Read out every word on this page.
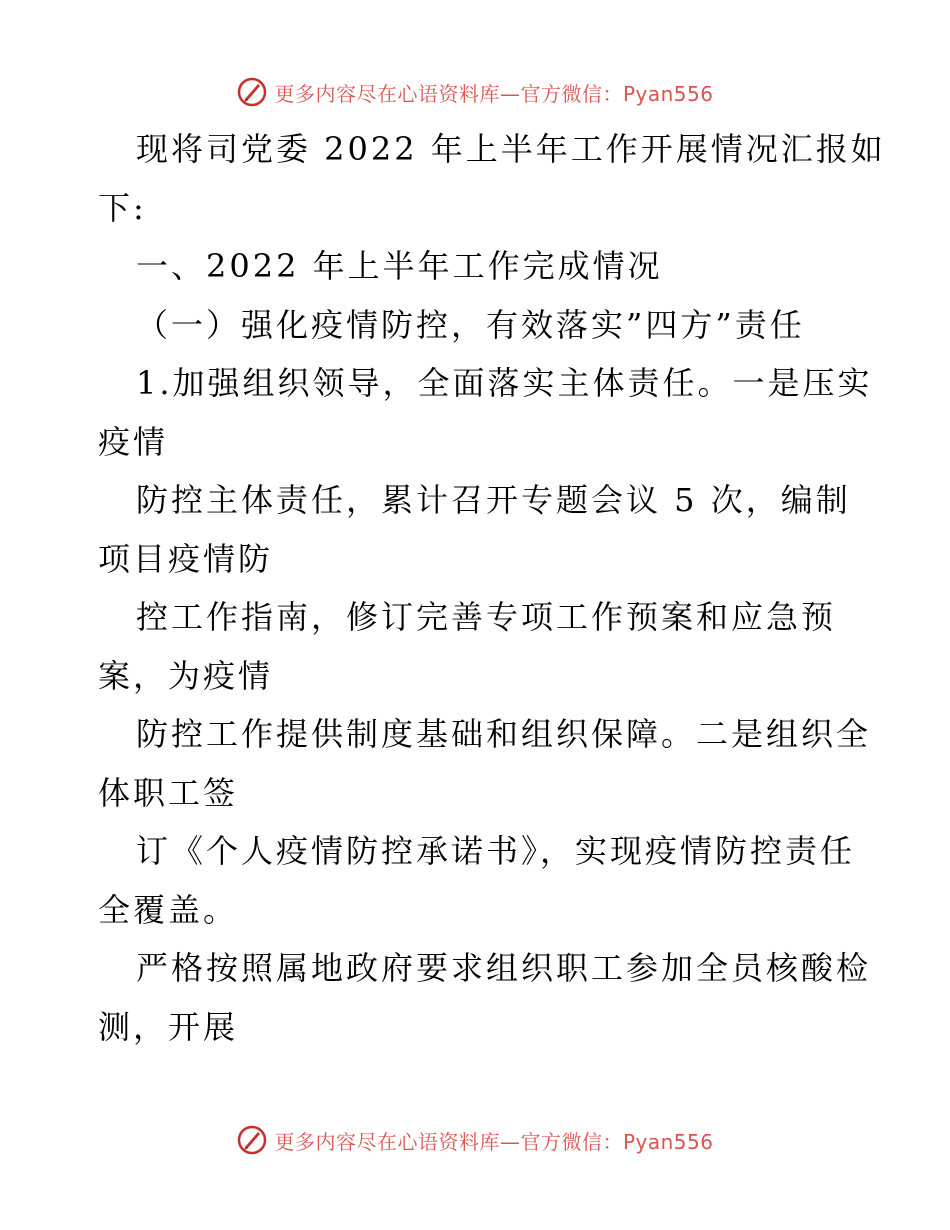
更多内容尽在心语资料库—官方微信：Pyan556
现将司党委 2022 年上半年工作开展情况汇报如
下:
一、2022 年上半年工作完成情况
（一）强化疫情防控，有效落实”四方”责任
1.加强组织领导，全面落实主体责任。一是压实
疫情
防控主体责任，累计召开专题会议 5 次，编制
项目疫情防
控工作指南，修订完善专项工作预案和应急预
案，为疫情
防控工作提供制度基础和组织保障。二是组织全
体职工签
订《个人疫情防控承诺书》，实现疫情防控责任
全覆盖。
严格按照属地政府要求组织职工参加全员核酸检
测，开展
更多内容尽在心语资料库—官方微信：Pyan556
